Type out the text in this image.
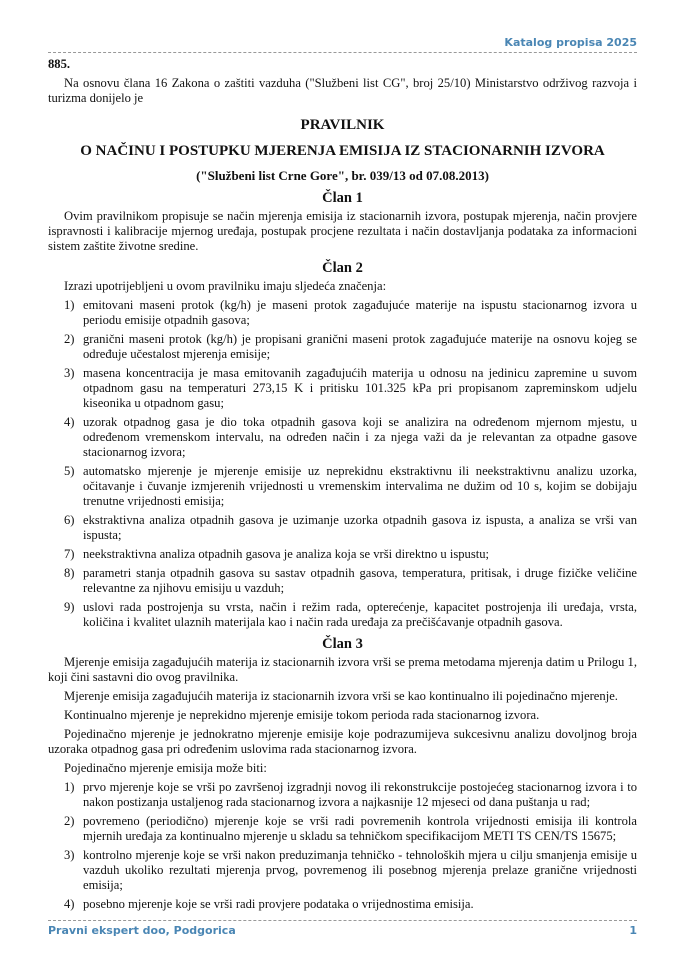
Katalog propisa 2025
885.

Na osnovu člana 16 Zakona o zaštiti vazduha ("Službeni list CG", broj 25/10) Ministarstvo održivog razvoja i turizma donijelo je

PRAVILNIK
O NAČINU I POSTUPKU MJERENJA EMISIJA IZ STACIONARNIH IZVORA
("Službeni list Crne Gore", br. 039/13 od 07.08.2013)
Član 1

Ovim pravilnikom propisuje se način mjerenja emisija iz stacionarnih izvora, postupak mjerenja, način provjere ispravnosti i kalibracije mjernog uređaja, postupak procjene rezultata i način dostavljanja podataka za informacioni sistem zaštite životne sredine.

Član 2

Izrazi upotrijebljeni u ovom pravilniku imaju sljedeća značenja:

1) emitovani maseni protok (kg/h) je maseni protok zagađujuće materije na ispustu stacionarnog izvora u periodu emisije otpadnih gasova;
2) granični maseni protok (kg/h) je propisani granični maseni protok zagađujuće materije na osnovu kojeg se određuje učestalost mjerenja emisije;
3) masena koncentracija je masa emitovanih zagađujućih materija u odnosu na jedinicu zapremine u suvom otpadnom gasu na temperaturi 273,15 K i pritisku 101.325 kPa pri propisanom zapreminskom udjelu kiseonika u otpadnom gasu;
4) uzorak otpadnog gasa je dio toka otpadnih gasova koji se analizira na određenom mjernom mjestu, u određenom vremenskom intervalu, na određen način i za njega važi da je relevantan za otpadne gasove stacionarnog izvora;
5) automatsko mjerenje je mjerenje emisije uz neprekidnu ekstraktivnu ili neekstraktivnu analizu uzorka, očitavanje i čuvanje izmjerenih vrijednosti u vremenskim intervalima ne dužim od 10 s, kojim se dobijaju trenutne vrijednosti emisija;
6) ekstraktivna analiza otpadnih gasova je uzimanje uzorka otpadnih gasova iz ispusta, a analiza se vrši van ispusta;
7) neekstraktivna analiza otpadnih gasova je analiza koja se vrši direktno u ispustu;
8) parametri stanja otpadnih gasova su sastav otpadnih gasova, temperatura, pritisak, i druge fizičke veličine relevantne za njihovu emisiju u vazduh;
9) uslovi rada postrojenja su vrsta, način i režim rada, opterećenje, kapacitet postrojenja ili uređaja, vrsta, količina i kvalitet ulaznih materijala kao i način rada uređaja za prečišćavanje otpadnih gasova.
Član 3

Mjerenje emisija zagađujućih materija iz stacionarnih izvora vrši se prema metodama mjerenja datim u Prilogu 1, koji čini sastavni dio ovog pravilnika.

Mjerenje emisija zagađujućih materija iz stacionarnih izvora vrši se kao kontinualno ili pojedinačno mjerenje.

Kontinualno mjerenje je neprekidno mjerenje emisije tokom perioda rada stacionarnog izvora.

Pojedinačno mjerenje je jednokratno mjerenje emisije koje podrazumijeva sukcesivnu analizu dovoljnog broja uzoraka otpadnog gasa pri određenim uslovima rada stacionarnog izvora.

Pojedinačno mjerenje emisija može biti:

1) prvo mjerenje koje se vrši po završenoj izgradnji novog ili rekonstrukcije postojećeg stacionarnog izvora i to nakon postizanja ustaljenog rada stacionarnog izvora a najkasnije 12 mjeseci od dana puštanja u rad;
2) povremeno (periodično) mjerenje koje se vrši radi povremenih kontrola vrijednosti emisija ili kontrola mjernih uređaja za kontinualno mjerenje u skladu sa tehničkom specifikacijom METI TS CEN/TS 15675;
3) kontrolno mjerenje koje se vrši nakon preduzimanja tehničko - tehnoloških mjera u cilju smanjenja emisije u vazduh ukoliko rezultati mjerenja prvog, povremenog ili posebnog mjerenja prelaze granične vrijednosti emisija;
4) posebno mjerenje koje se vrši radi provjere podataka o vrijednostima emisija.
Pravni ekspert doo, Podgorica	1
